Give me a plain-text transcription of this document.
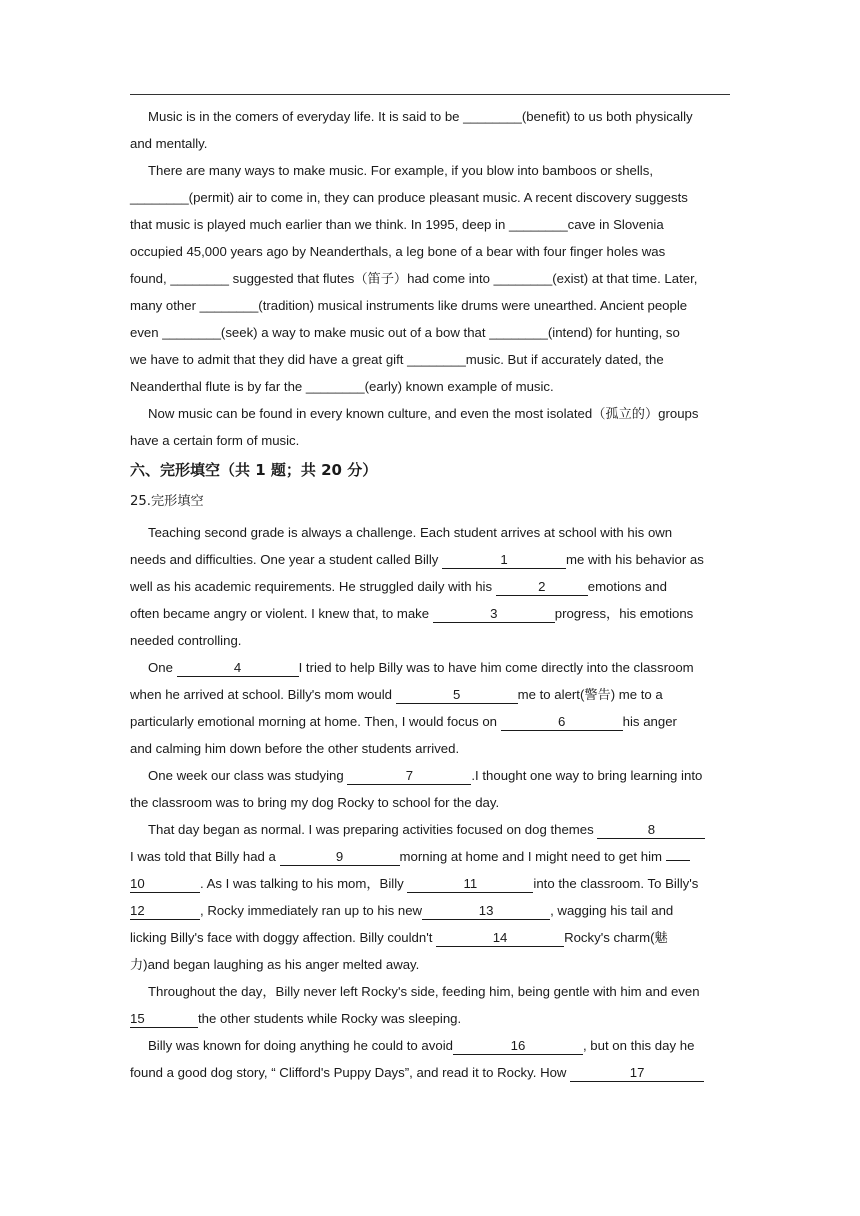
Music is in the comers of everyday life. It is said to be ________(benefit) to us both physically
and mentally.
There are many ways to make music. For example, if you blow into bamboos or shells,
________(permit) air to come in, they can produce pleasant music. A recent discovery suggests
that music is played much earlier than we think. In 1995, deep in ________cave in Slovenia
occupied 45,000 years ago by Neanderthals, a leg bone of a bear with four finger holes was
found, ________ suggested that flutes（笛子）had come into ________(exist) at that time. Later,
many other ________(tradition) musical instruments like drums were unearthed. Ancient people
even ________(seek) a way to make music out of a bow that ________(intend) for hunting, so
we have to admit that they did have a great gift ________music. But if accurately dated, the
Neanderthal flute is by far the ________(early) known example of music.
Now music can be found in every known culture, and even the most isolated（孤立的）groups
have a certain form of music.
六、完形填空（共 1 题；共 20 分）
25.完形填空
Teaching second grade is always a challenge. Each student arrives at school with his own
needs and difficulties. One year a student called Billy	1	me with his behavior as
well as his academic requirements. He struggled daily with his	2	emotions and
often became angry or violent. I knew that, to make	3	progress，his emotions
needed controlling.
One	4	I tried to help Billy was to have him come directly into the classroom
when he arrived at school. Billy's mom would	5	me to alert(警告) me to a
particularly emotional morning at home. Then, I would focus on	6	his anger
and calming him down before the other students arrived.
One week our class was studying	7	.I thought one way to bring learning into
the classroom was to bring my dog Rocky to school for the day.
That day began as normal. I was preparing activities focused on dog themes	8
I was told that Billy had a	9	morning at home and I might need to get him
10	. As I was talking to his mom，Billy	11	into the classroom. To Billy's
12	, Rocky immediately ran up to his new	13	, wagging his tail and
licking Billy's face with doggy affection. Billy couldn't	14	Rocky's charm(魅
力)and began laughing as his anger melted away.
Throughout the day，Billy never left Rocky's side, feeding him, being gentle with him and even
15	the other students while Rocky was sleeping.
Billy was known for doing anything he could to avoid	16	, but on this day he
found a good dog story, “ Clifford's Puppy Days”, and read it to Rocky. How	17
